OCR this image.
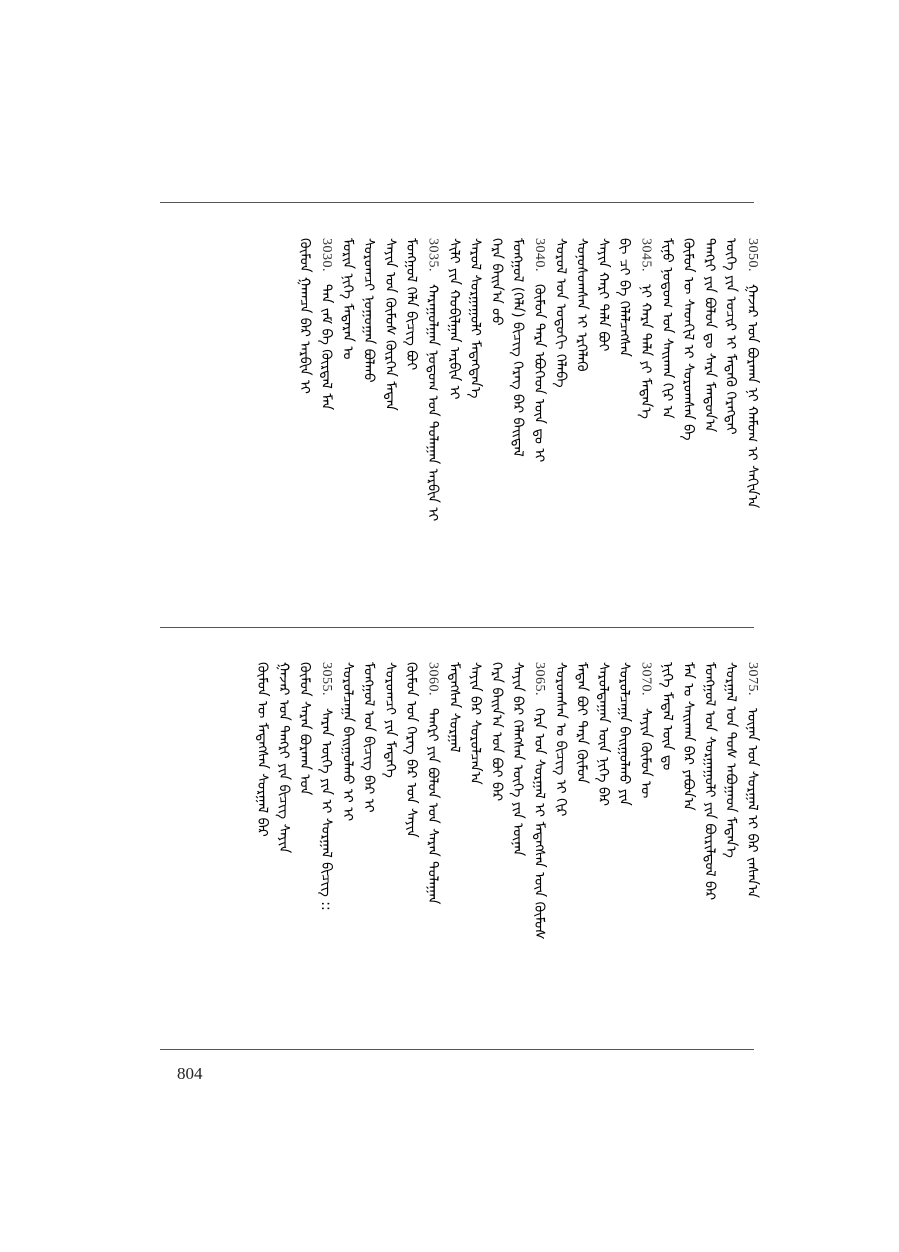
3050.
ᠭᠠᠵᠠᠷ ᠤᠨ ᠪᠤᠷᠬᠠᠨ ᠨᠢ ᠬᠠᠮᠤᠭ ᠢ ᠰᠠᠬᠢᠨ᠎ᠠ
ᠦᠭᠡ ᠶᠢᠨ ᠤᠴᠢᠷ ᠢ ᠮᠡᠳᠡᠬᠦ ᠬᠡᠷᠡᠭᠲᠡᠢ
ᠲᠡᠩᠷᠢ ᠶᠢᠨ ᠪᠤᠯᠤᠨ ᠳᠤ ᠰᠠᠷᠠ ᠮᠠᠨᠳᠤᠨ᠎ᠠ
ᠬᠦᠮᠦᠨ ᠦ ᠰᠡᠳᠬᠢᠯ ᠢ ᠰᠤᠷᠤᠭᠰᠠᠨ ᠪᠠ
ᠮᠢᠨᠤ ᠨᠤᠲᠤᠭ ᠤᠨ ᠰᠠᠢᠬᠠᠨ ᠬᠢᠷ ᠠ
3045.
ᠨᠢ ᠬᠠᠷᠠ ᠲᠠᠯᠠ ᠶᠢ ᠮᠡᠳᠡᠨ᠎ᠡ
ᠪᠢ ᠴᠢ ᠪᠠ ᠬᠡᠯᠡᠯᠴᠡᠭᠰᠡᠨ
ᠰᠠᠶᠢᠨ ᠬᠠᠷᠢ ᠲᠠᠯᠠ ᠪᠤᠢ
ᠰᠤᠨᠤᠰᠤᠭᠰᠠᠨ ᠢ ᠡᠷᠬᠡᠯᠡᠬᠦ
ᠰᠤᠷᠤᠯ ᠤᠨ ᠣᠳᠣᠬᠢ ᠬᠡᠯᠡᠪᠡ
3040.
ᠬᠦᠮᠦᠨ ᠲᠡᠷᠡ ᠡᠪᠦᠭᠡᠳ ᠦᠨ ᠳᠤ ᠢ
ᠮᠣᠩᠭᠣᠯ (ᠬᠡᠯᠡ) ᠪᠢᠴᠢᠭ ᠬᠡᠷᠡᠭ ᠪᠡᠷ ᠪᠠᠢᠳᠠᠯ
ᠬᠡᠷᠡ ᠪᠠᠢᠨ᠎ᠠ ᠦᠦ
ᠰᠠᠷᠤᠯ ᠰᠤᠷᠭᠠᠭᠤᠯᠢ ᠮᠡᠳᠡᠭᠳᠡᠨ᠎ᠡ
ᠰᠢᠯᠢ ᠶᠢᠨ ᠬᠤᠪᠢᠯᠭᠠᠨ ᠠᠷᠪᠢᠨ ᠢ
3035.
ᠬᠠᠷᠠᠭᠤᠯᠭᠠᠨ ᠨᠤᠲᠤᠭ ᠤᠨ ᠲᠤᠯᠠᠭᠠᠨ ᠠᠷᠪᠢᠨ ᠢ
ᠮᠣᠩᠭᠣᠯ ᠬᠡᠯᠡ ᠪᠢᠴᠢᠭ ᠪᠤᠢ
ᠰᠠᠶᠢᠨ ᠤᠨ ᠬᠦᠮᠦᠰ ᠬᠦᠷᠭᠡᠨ ᠮᠡᠳᠡᠨ
ᠰᠤᠷᠤᠭᠴᠢ ᠨᠤᠭᠤᠭᠠᠨ ᠪᠤᠯᠬᠤ
ᠮᠤᠷᠢᠨ ᠨᠢᠭᠡ ᠮᠡᠳᠡᠷᠡᠨ ᠤ
3030.
ᠲᠠᠨ ᠵᠠᠮ ᠪᠠ ᠬᠦᠷᠲᠡᠯ ᠮᠠᠨ
ᠬᠦᠮᠦᠨ ᠭᠠᠭᠴᠠ ᠪᠡᠷ ᠠᠷᠪᠢᠨ ᠢ
3075.
ᠦᠨᠡᠨ ᠤᠨ ᠰᠤᠷᠭᠠᠯ ᠢ ᠪᠡᠷ ᠵᠠᠰᠠᠨ᠎ᠠ
ᠰᠤᠷᠭᠠᠯ ᠤᠨ ᠲᠤᠰ ᠠᠪᠤᠭᠠᠳ ᠮᠡᠳᠡᠨ᠎ᠡ
ᠮᠣᠩᠭᠣᠯ ᠤᠨ ᠰᠤᠷᠭᠠᠭᠤᠯᠢ ᠶᠢᠨ ᠪᠦᠷᠢᠯᠳᠦᠯ ᠪᠡᠷ
ᠮᠠᠨ ᠤ ᠰᠠᠢᠬᠠᠨ ᠪᠡᠷ ᠶᠠᠪᠤᠨ᠎ᠠ
ᠨᠢᠭᠡ ᠮᠡᠳᠡᠯ ᠦᠨ ᠳᠤ
3070.
ᠰᠠᠶᠢᠨ ᠬᠦᠮᠦᠨ ᠦ
ᠰᠤᠷᠤᠯᠴᠠᠭᠠ ᠪᠠᠢᠭᠤᠯᠬᠤ ᠶᠢᠨ
ᠰᠠᠷᠤᠯᠳᠠᠭᠠᠨ ᠦᠨ ᠨᠢᠭᠡ ᠪᠡᠷ
ᠮᠡᠳᠡᠨ ᠪᠤᠢ ᠲᠡᠷᠡ ᠬᠦᠮᠦᠨ
ᠰᠤᠷᠤᠭᠰᠠᠨ ᠤ ᠪᠢᠴᠢᠭ ᠢ ᠬᠢᠷ
3065.
ᠬᠡᠷᠡ ᠤᠨ ᠰᠤᠷᠭᠠᠯ ᠢ ᠮᠡᠳᠡᠭᠰᠡᠨ ᠦᠨ ᠬᠦᠮᠦᠰ
ᠰᠠᠶᠢᠨ ᠪᠡᠷ ᠬᠡᠯᠡᠭᠰᠡᠨ ᠦᠭᠡ ᠶᠢᠨ ᠦᠨᠡᠨ
ᠬᠡᠷᠡ ᠪᠠᠢᠨ᠎ᠠ ᠤᠨ ᠪᠤᠢ ᠪᠡᠷ
ᠰᠠᠶᠢᠨ ᠪᠡᠷ ᠰᠤᠷᠤᠯᠴᠠᠨ᠎ᠠ
ᠮᠡᠳᠡᠭᠰᠡᠨ ᠰᠤᠷᠭᠠᠯ
3060.
ᠲᠡᠩᠷᠢ ᠶᠢᠨ ᠪᠤᠯᠤᠨ ᠤᠨ ᠰᠠᠷᠠᠨ ᠲᠤᠯᠠᠭᠠᠨ
ᠬᠦᠮᠦᠨ ᠤᠨ ᠬᠡᠷᠡᠭ ᠪᠡᠷ ᠤᠨ ᠰᠠᠶᠢᠨ
ᠰᠤᠷᠤᠭᠴᠢ ᠶᠢᠨ ᠮᠡᠳᠡᠭᠡ
ᠮᠣᠩᠭᠣᠯ ᠤᠨ ᠪᠢᠴᠢᠭ ᠪᠡᠷ ᠢ
ᠰᠤᠷᠤᠯᠴᠠᠭᠠ ᠪᠠᠢᠭᠤᠯᠬᠤ ᠢ ᠢ
3055.
ᠰᠠᠷᠠᠨ ᠦᠭᠡ ᠶᠢᠨ ᠢ ᠰᠤᠷᠭᠠᠯ ᠪᠢᠴᠢᠭ ::
ᠬᠦᠮᠦᠨ ᠰᠠᠷᠠᠨ ᠪᠤᠷᠬᠠᠨ ᠤᠨ
ᠭᠠᠵᠠᠷ ᠤᠨ ᠲᠡᠩᠷᠢ ᠶᠢᠨ ᠪᠢᠴᠢᠭ ᠰᠠᠶᠢᠨ
ᠬᠦᠮᠦᠨ ᠦ ᠮᠡᠳᠡᠭᠰᠡᠨ ᠰᠤᠷᠭᠠᠯ ᠪᠡᠷ
804
